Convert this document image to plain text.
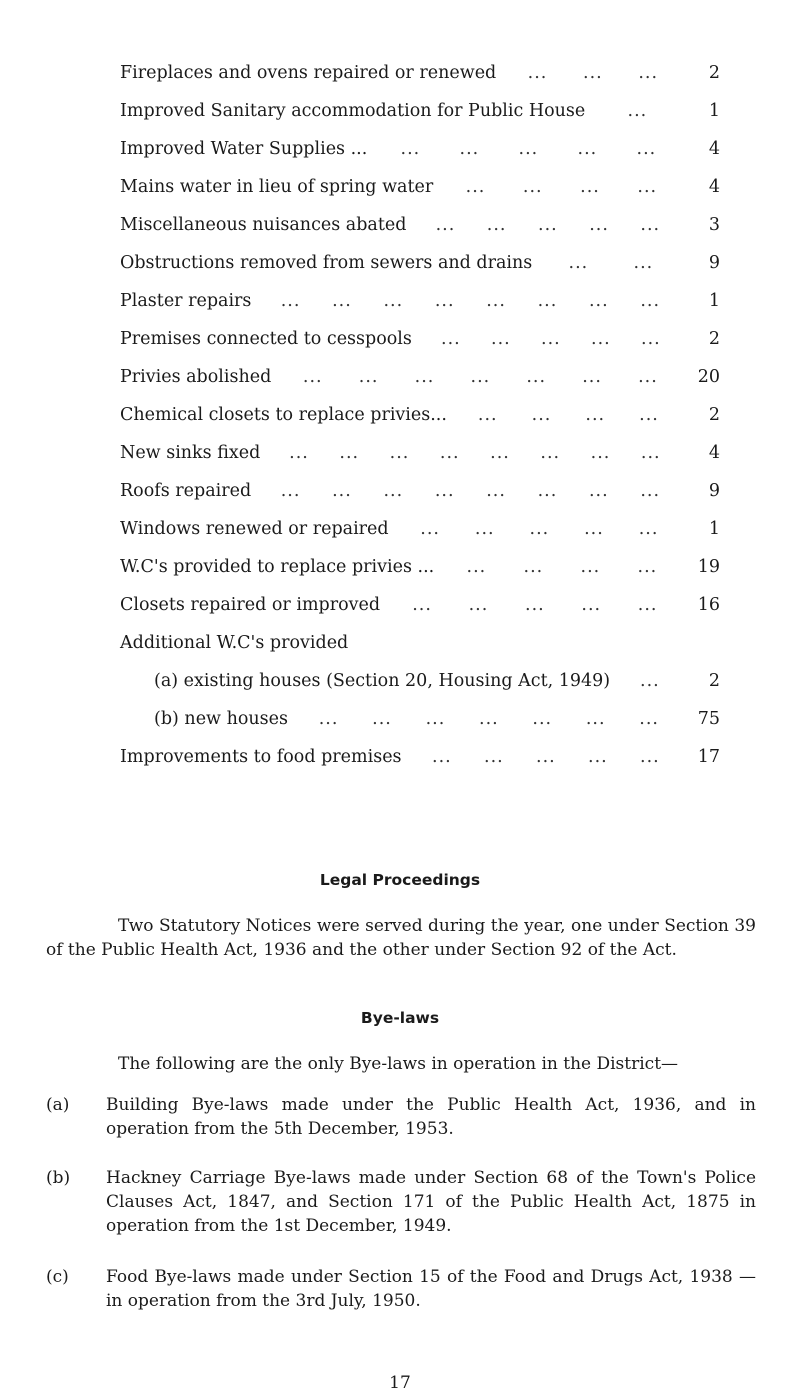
Fireplaces and ovens repaired or renewed	2
... ... ...
Improved Sanitary accommodation for Public House	1
...
Improved Water Supplies ...	4
... ... ... ... ...
Mains water in lieu of spring water	4
... ... ... ...
Miscellaneous nuisances abated	3
... ... ... ... ...
Obstructions removed from sewers and drains	9
...	...
Plaster repairs	1
... ... ... ... ... ... ... ...
Premises connected to cesspools	2
... ... ... ... ...
Privies abolished	20
... ... ... ... ... ... ...
Chemical closets to replace privies...	2
... ... ... ...
New sinks fixed	4
... ... ... ... ... ... ... ...
Roofs repaired	9
... ... ... ... ... ... ... ...
Windows renewed or repaired	1
... ... ... ... ...
W.C's provided to replace privies ...	19
... ... ... ...
Closets repaired or improved	16
... ... ... ... ...
Additional W.C's provided
(a) existing houses (Section 20, Housing Act, 1949)	2
...
(b) new houses	75
... ... ... ... ... ... ...
Improvements to food premises	17
... ... ... ... ...
Legal Proceedings
Two Statutory Notices were served during the year, one under Section 39 of the Public Health Act, 1936 and the other under Section 92 of the Act.
Bye-laws
The following are the only Bye-laws in operation in the District—
(a) Building Bye-laws made under the Public Health Act, 1936, and in operation from the 5th December, 1953.
(b) Hackney Carriage Bye-laws made under Section 68 of the Town's Police Clauses Act, 1847, and Section 171 of the Public Health Act, 1875 in operation from the 1st December, 1949.
(c) Food Bye-laws made under Section 15 of the Food and Drugs Act, 1938 — in operation from the 3rd July, 1950.
17
